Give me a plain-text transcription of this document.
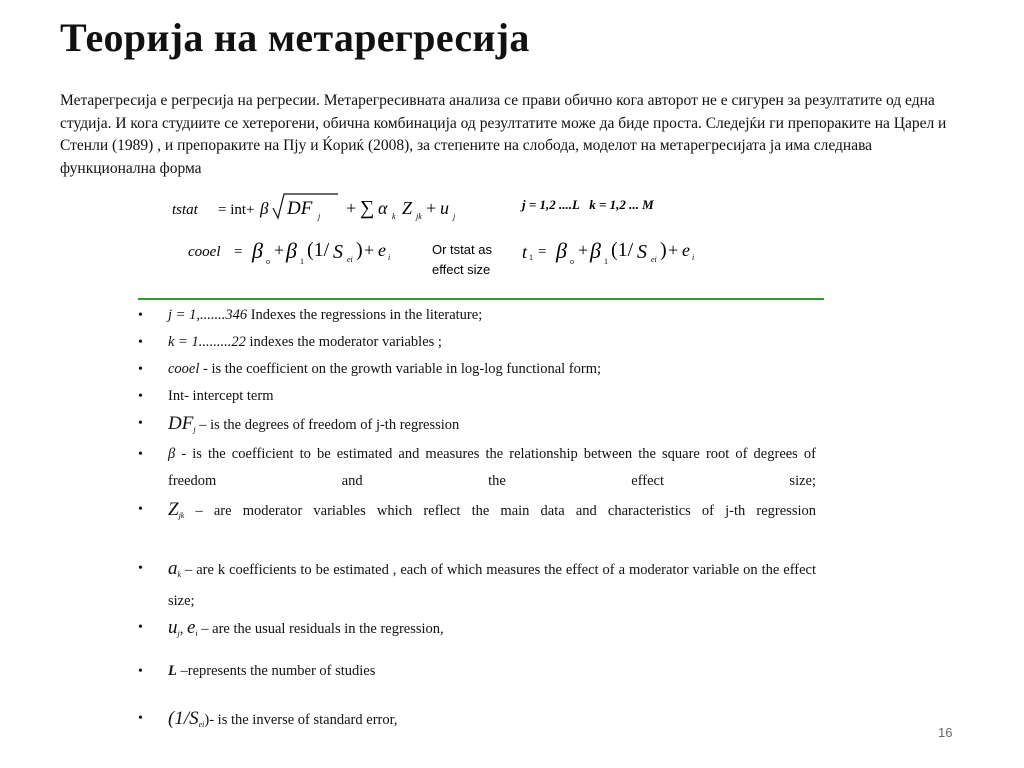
Теорија на метарегресија
Метарегресија е регресија на регресии. Метарегресивната анализа се прави обично кога авторот не е сигурен за резултатите од една студија. И кога студиите се хетерогени, обична комбинација од резултатите може да биде проста. Следејќи ги препораките на Царел и Стенли (1989) , и препораките на Пју и Ќориќ (2008), за степените на слобода, моделот на метарегресијата ја има следнава функционална форма
tstat = int+ β DF j + ∑ α k Z jk + u j
j = 1,2 ....L   k = 1,2 ... M
cooel = β o
+ β 1
(1/ S ei ) + e i
Or tstat as
effect size
t 1 = β o
+ β 1
(1/ S ei ) + e i
•	j = 1,.......346 Indexes the regressions in the literature;
•	k = 1.........22 indexes the moderator variables ;
•	cooel - is the coefficient on the growth variable in log-log functional form;
•	Int- intercept term
•	$DF_j$ – is the degrees of freedom of j-th regression
•	β - is the coefficient to be estimated and measures the relationship between the square root of degrees of freedom and the effect size;
•	$Z_{jk}$ – are moderator variables which reflect the main data and characteristics of j-th regression
•	$a_k$ – are k coefficients to be estimated , each of which measures the effect of a moderator variable on the effect size;
•	$u_j$, $e_i$ – are the usual residuals in the regression,
•	L –represents the number of studies
•	$(1/S_{ei})-$ is the inverse of standard error,
16
